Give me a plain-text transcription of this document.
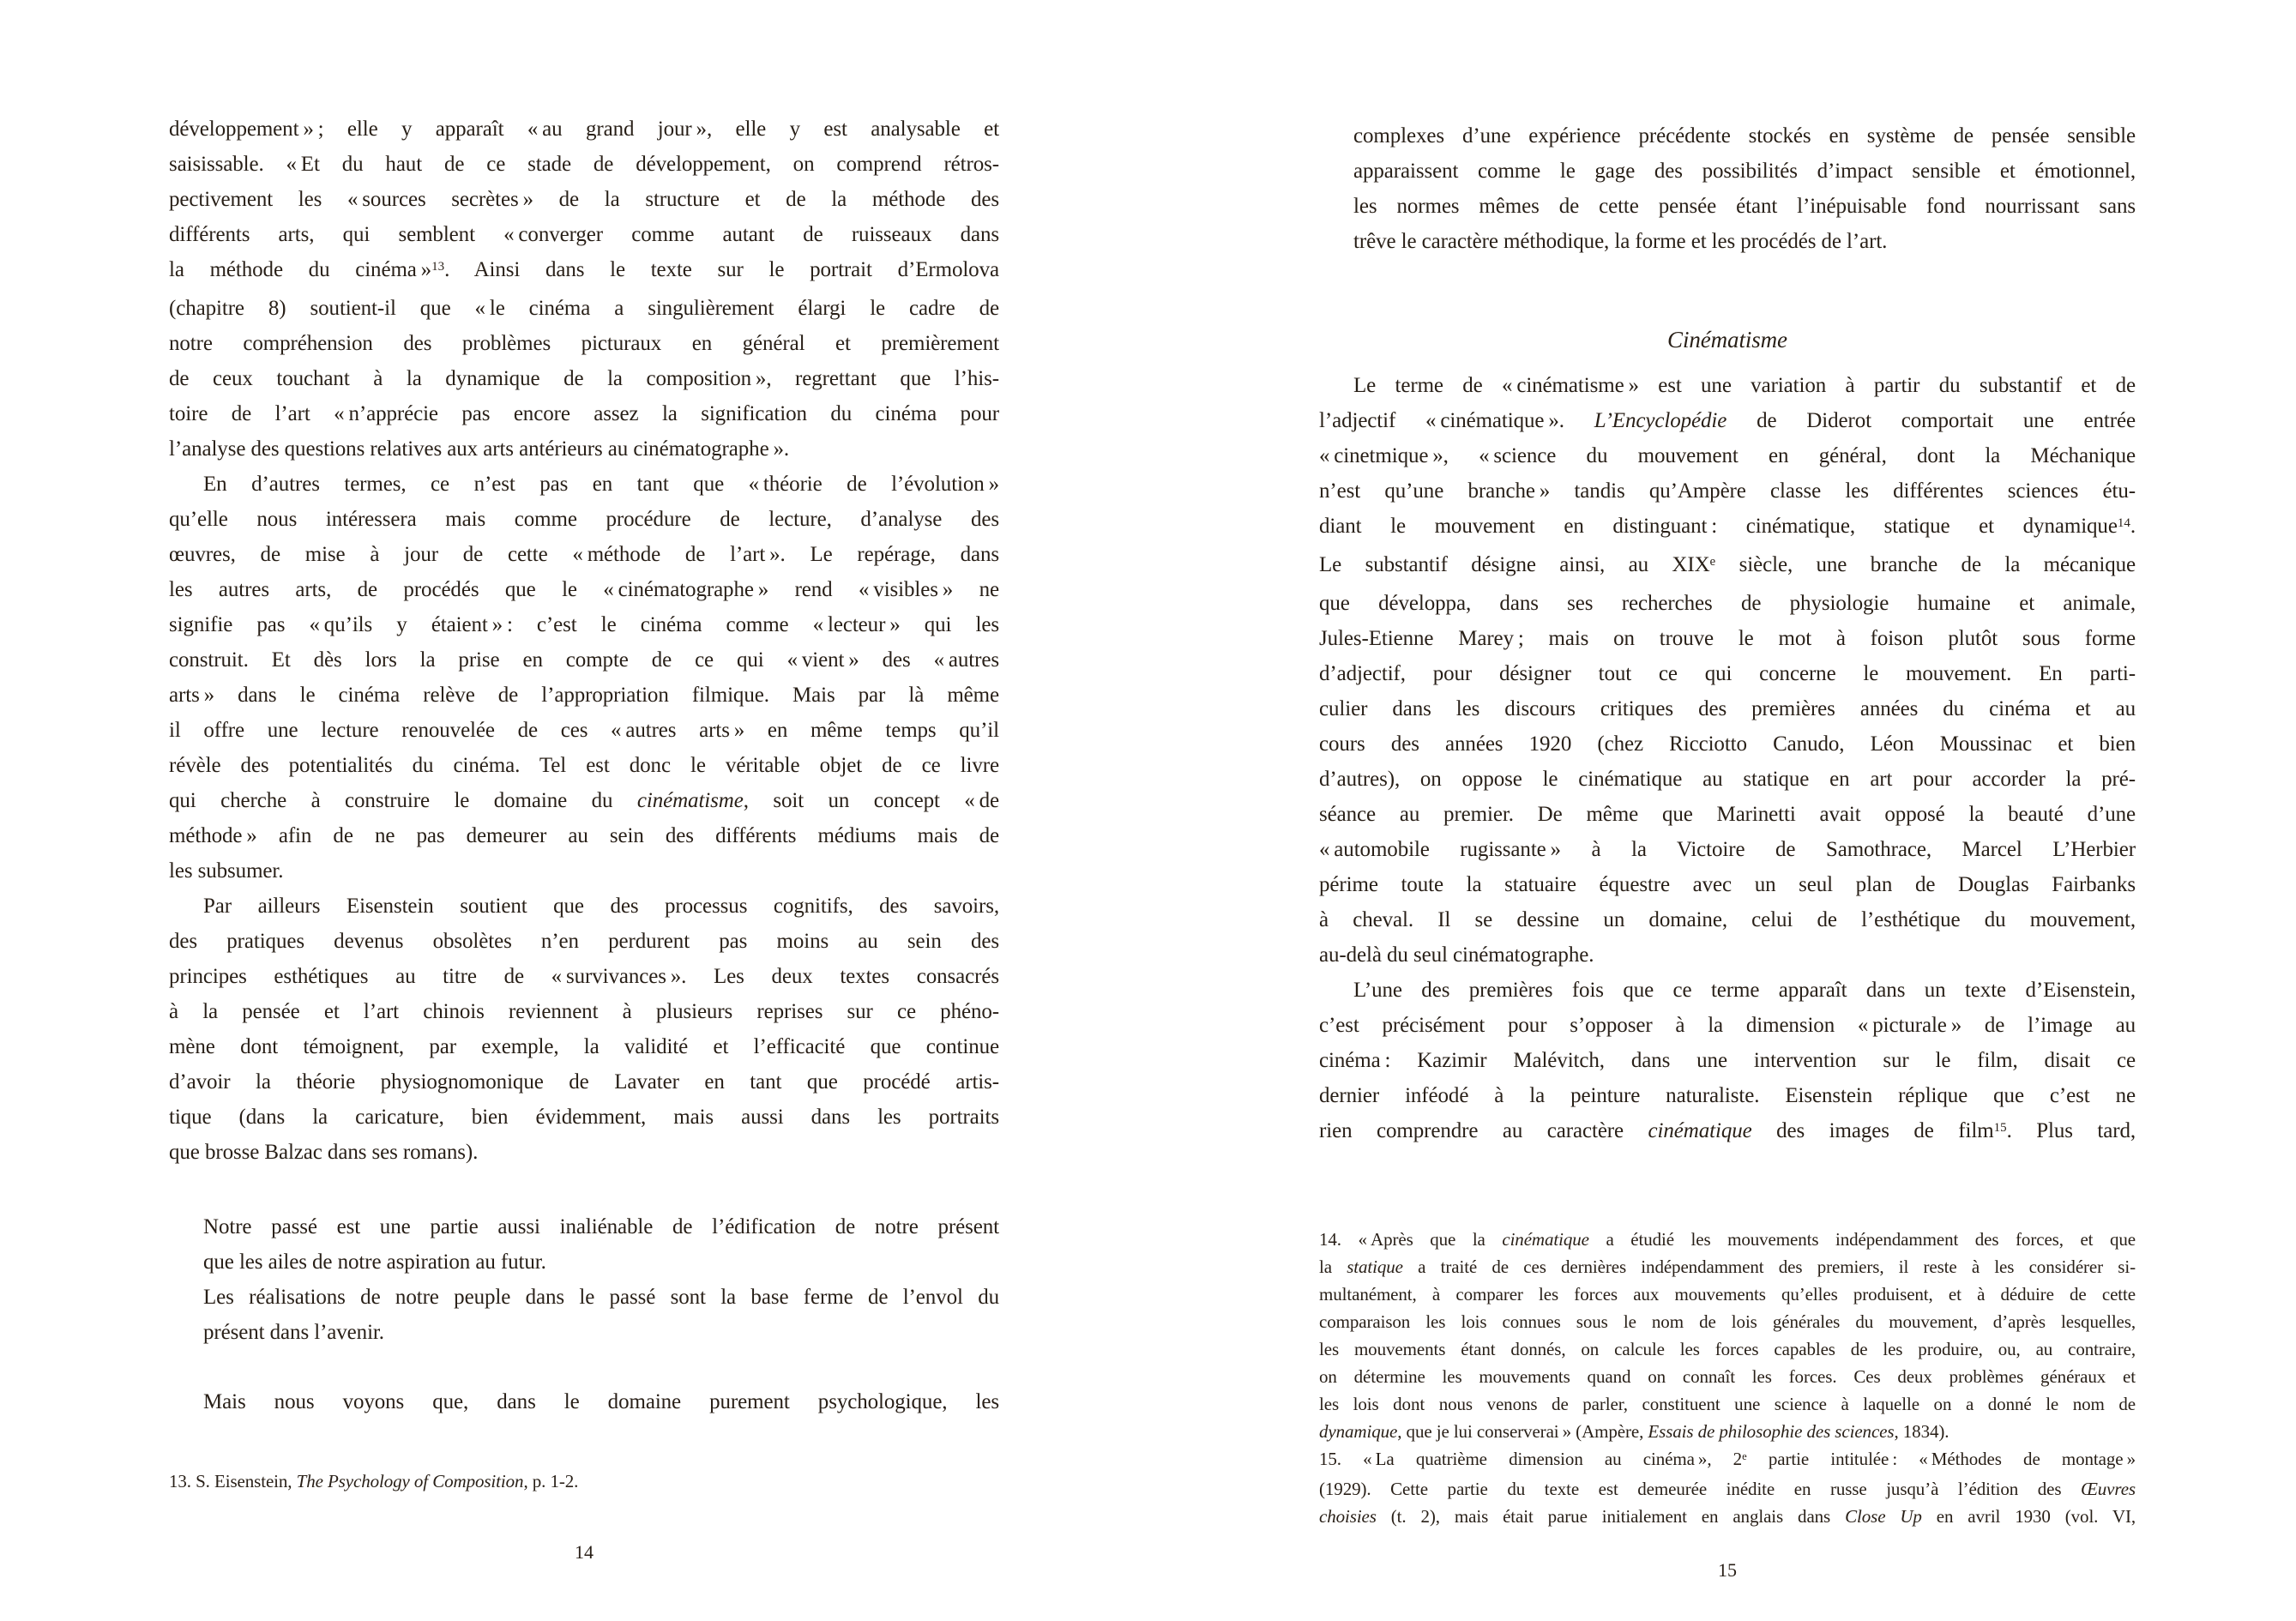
développement » ; elle y apparaît « au grand jour », elle y est analysable et
saisissable. « Et du haut de ce stade de développement, on comprend rétros-
pectivement les « sources secrètes » de la structure et de la méthode des
différents arts, qui semblent « converger comme autant de ruisseaux dans
la méthode du cinéma »$^{13}$. Ainsi dans le texte sur le portrait d’Ermolova
(chapitre 8) soutient-il que « le cinéma a singulièrement élargi le cadre de
notre compréhension des problèmes picturaux en général et premièrement
de ceux touchant à la dynamique de la composition », regrettant que l’his-
toire de l’art « n’apprécie pas encore assez la signification du cinéma pour
l’analyse des questions relatives aux arts antérieurs au cinématographe ».
En d’autres termes, ce n’est pas en tant que « théorie de l’évolution »
qu’elle nous intéressera mais comme procédure de lecture, d’analyse des
œuvres, de mise à jour de cette « méthode de l’art ». Le repérage, dans
les autres arts, de procédés que le « cinématographe » rend « visibles » ne
signifie pas « qu’ils y étaient » : c’est le cinéma comme « lecteur » qui les
construit. Et dès lors la prise en compte de ce qui « vient » des « autres
arts » dans le cinéma relève de l’appropriation filmique. Mais par là même
il offre une lecture renouvelée de ces « autres arts » en même temps qu’il
révèle des potentialités du cinéma. Tel est donc le véritable objet de ce livre
qui cherche à construire le domaine du cinématisme, soit un concept « de
méthode » afin de ne pas demeurer au sein des différents médiums mais de
les subsumer.
Par ailleurs Eisenstein soutient que des processus cognitifs, des savoirs,
des pratiques devenus obsolètes n’en perdurent pas moins au sein des
principes esthétiques au titre de « survivances ». Les deux textes consacrés
à la pensée et l’art chinois reviennent à plusieurs reprises sur ce phéno-
mène dont témoignent, par exemple, la validité et l’efficacité que continue
d’avoir la théorie physiognomonique de Lavater en tant que procédé artis-
tique (dans la caricature, bien évidemment, mais aussi dans les portraits
que brosse Balzac dans ses romans).
Notre passé est une partie aussi inaliénable de l’édification de notre présent
que les ailes de notre aspiration au futur.
Les réalisations de notre peuple dans le passé sont la base ferme de l’envol du
présent dans l’avenir.
Mais nous voyons que, dans le domaine purement psychologique, les
13. S. Eisenstein, The Psychology of Composition, p. 1-2.
14
complexes d’une expérience précédente stockés en système de pensée sensible
apparaissent comme le gage des possibilités d’impact sensible et émotionnel,
les normes mêmes de cette pensée étant l’inépuisable fond nourrissant sans
trêve le caractère méthodique, la forme et les procédés de l’art.
Cinématisme
Le terme de « cinématisme » est une variation à partir du substantif et de
l’adjectif « cinématique ». L’Encyclopédie de Diderot comportait une entrée
« cinetmique », « science du mouvement en général, dont la Méchanique
n’est qu’une branche » tandis qu’Ampère classe les différentes sciences étu-
diant le mouvement en distinguant : cinématique, statique et dynamique$^{14}$.
Le substantif désigne ainsi, au XIXe siècle, une branche de la mécanique
que développa, dans ses recherches de physiologie humaine et animale,
Jules-Etienne Marey ; mais on trouve le mot à foison plutôt sous forme
d’adjectif, pour désigner tout ce qui concerne le mouvement. En parti-
culier dans les discours critiques des premières années du cinéma et au
cours des années 1920 (chez Ricciotto Canudo, Léon Moussinac et bien
d’autres), on oppose le cinématique au statique en art pour accorder la pré-
séance au premier. De même que Marinetti avait opposé la beauté d’une
« automobile rugissante » à la Victoire de Samothrace, Marcel L’Herbier
périme toute la statuaire équestre avec un seul plan de Douglas Fairbanks
à cheval. Il se dessine un domaine, celui de l’esthétique du mouvement,
au-delà du seul cinématographe.
L’une des premières fois que ce terme apparaît dans un texte d’Eisenstein,
c’est précisément pour s’opposer à la dimension « picturale » de l’image au
cinéma : Kazimir Malévitch, dans une intervention sur le film, disait ce
dernier inféodé à la peinture naturaliste. Eisenstein réplique que c’est ne
rien comprendre au caractère cinématique des images de film$^{15}$. Plus tard,
14. « Après que la cinématique a étudié les mouvements indépendamment des forces, et que
la statique a traité de ces dernières indépendamment des premiers, il reste à les considérer si-
multanément, à comparer les forces aux mouvements qu’elles produisent, et à déduire de cette
comparaison les lois connues sous le nom de lois générales du mouvement, d’après lesquelles,
les mouvements étant donnés, on calcule les forces capables de les produire, ou, au contraire,
on détermine les mouvements quand on connaît les forces. Ces deux problèmes généraux et
les lois dont nous venons de parler, constituent une science à laquelle on a donné le nom de
dynamique, que je lui conserverai » (Ampère, Essais de philosophie des sciences, 1834).
15. « La quatrième dimension au cinéma », 2e partie intitulée : « Méthodes de montage »
(1929). Cette partie du texte est demeurée inédite en russe jusqu’à l’édition des Œuvres
choisies (t. 2), mais était parue initialement en anglais dans Close Up en avril 1930 (vol. VI,
15
